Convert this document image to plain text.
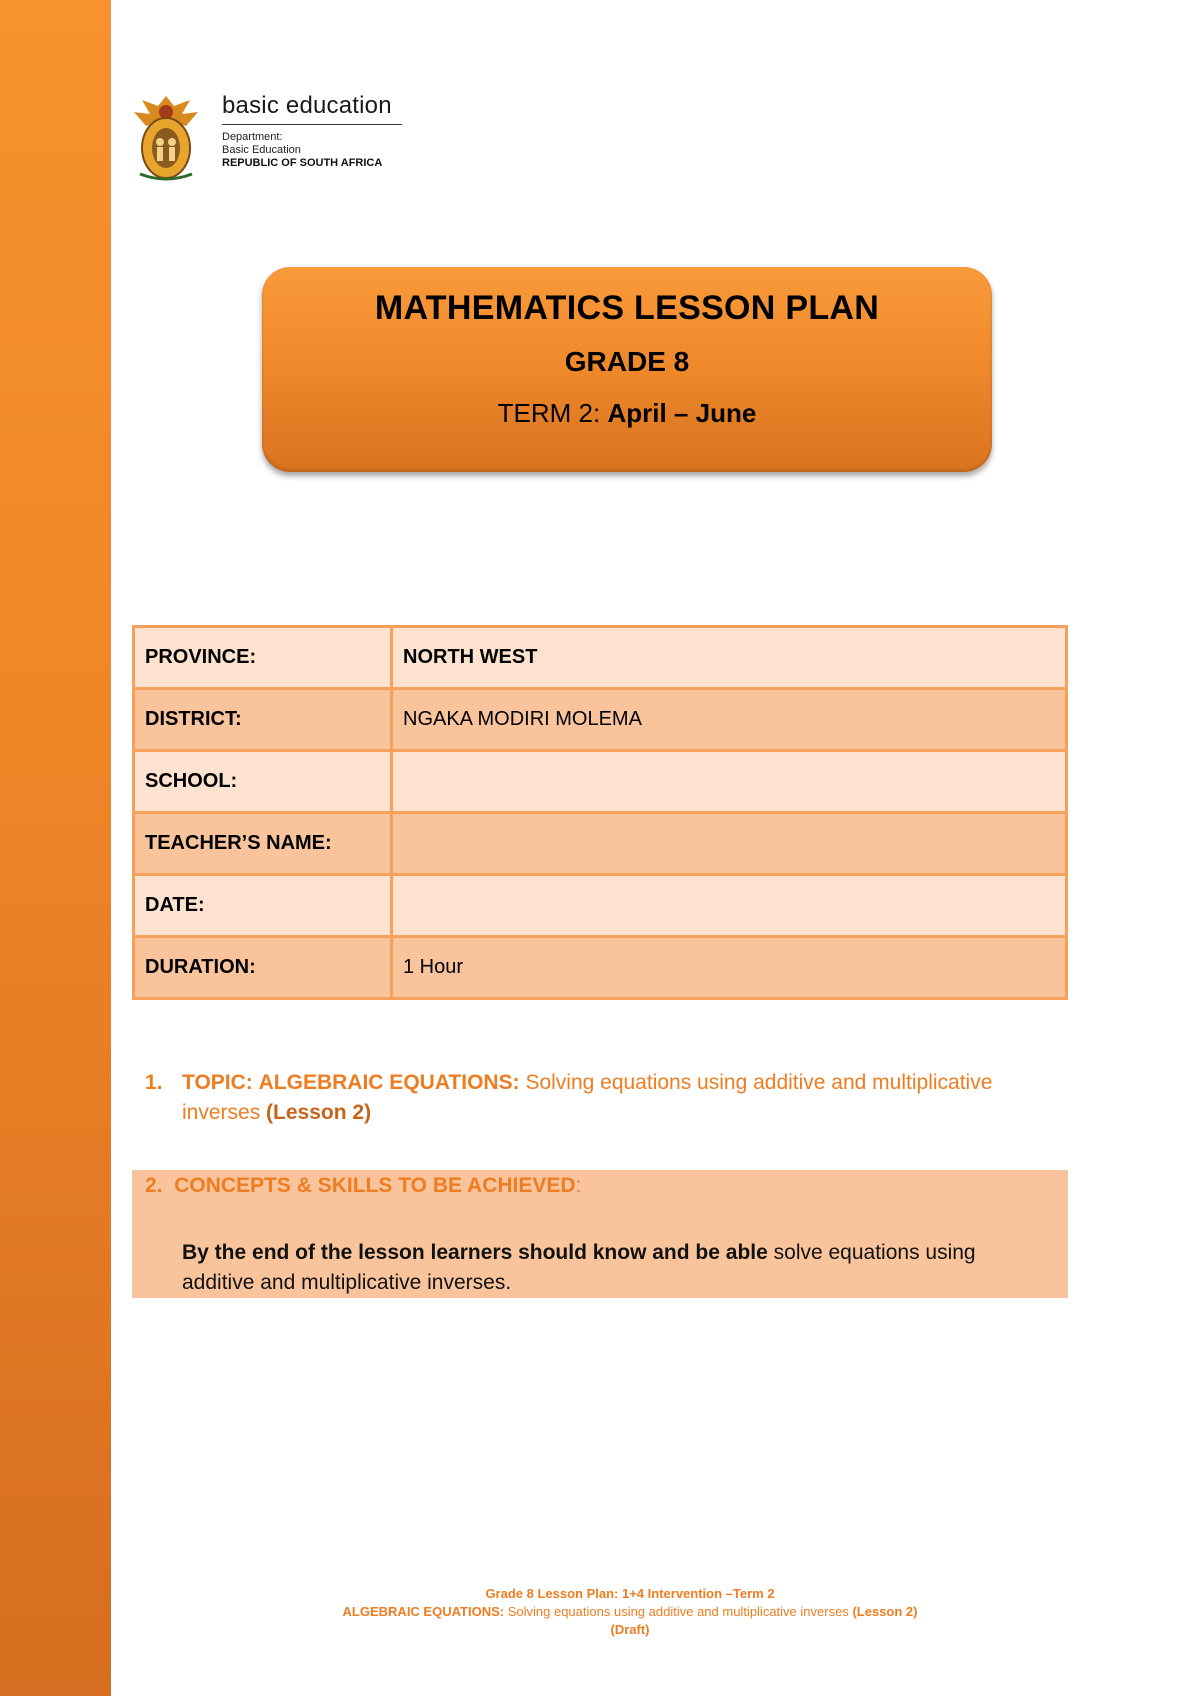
basic education
Department:
Basic Education
REPUBLIC OF SOUTH AFRICA
MATHEMATICS LESSON PLAN
GRADE 8
TERM 2: April – June
PROVINCE:	NORTH WEST
DISTRICT:	NGAKA MODIRI MOLEMA
SCHOOL:	
TEACHER’S NAME:	
DATE:	
DURATION:	1 Hour
1. TOPIC: ALGEBRAIC EQUATIONS: Solving equations using additive and multiplicative inverses (Lesson 2)
2. CONCEPTS & SKILLS TO BE ACHIEVED:
By the end of the lesson learners should know and be able solve equations using additive and multiplicative inverses.
Grade 8 Lesson Plan: 1+4 Intervention –Term 2
ALGEBRAIC EQUATIONS: Solving equations using additive and multiplicative inverses (Lesson 2)
(Draft)
